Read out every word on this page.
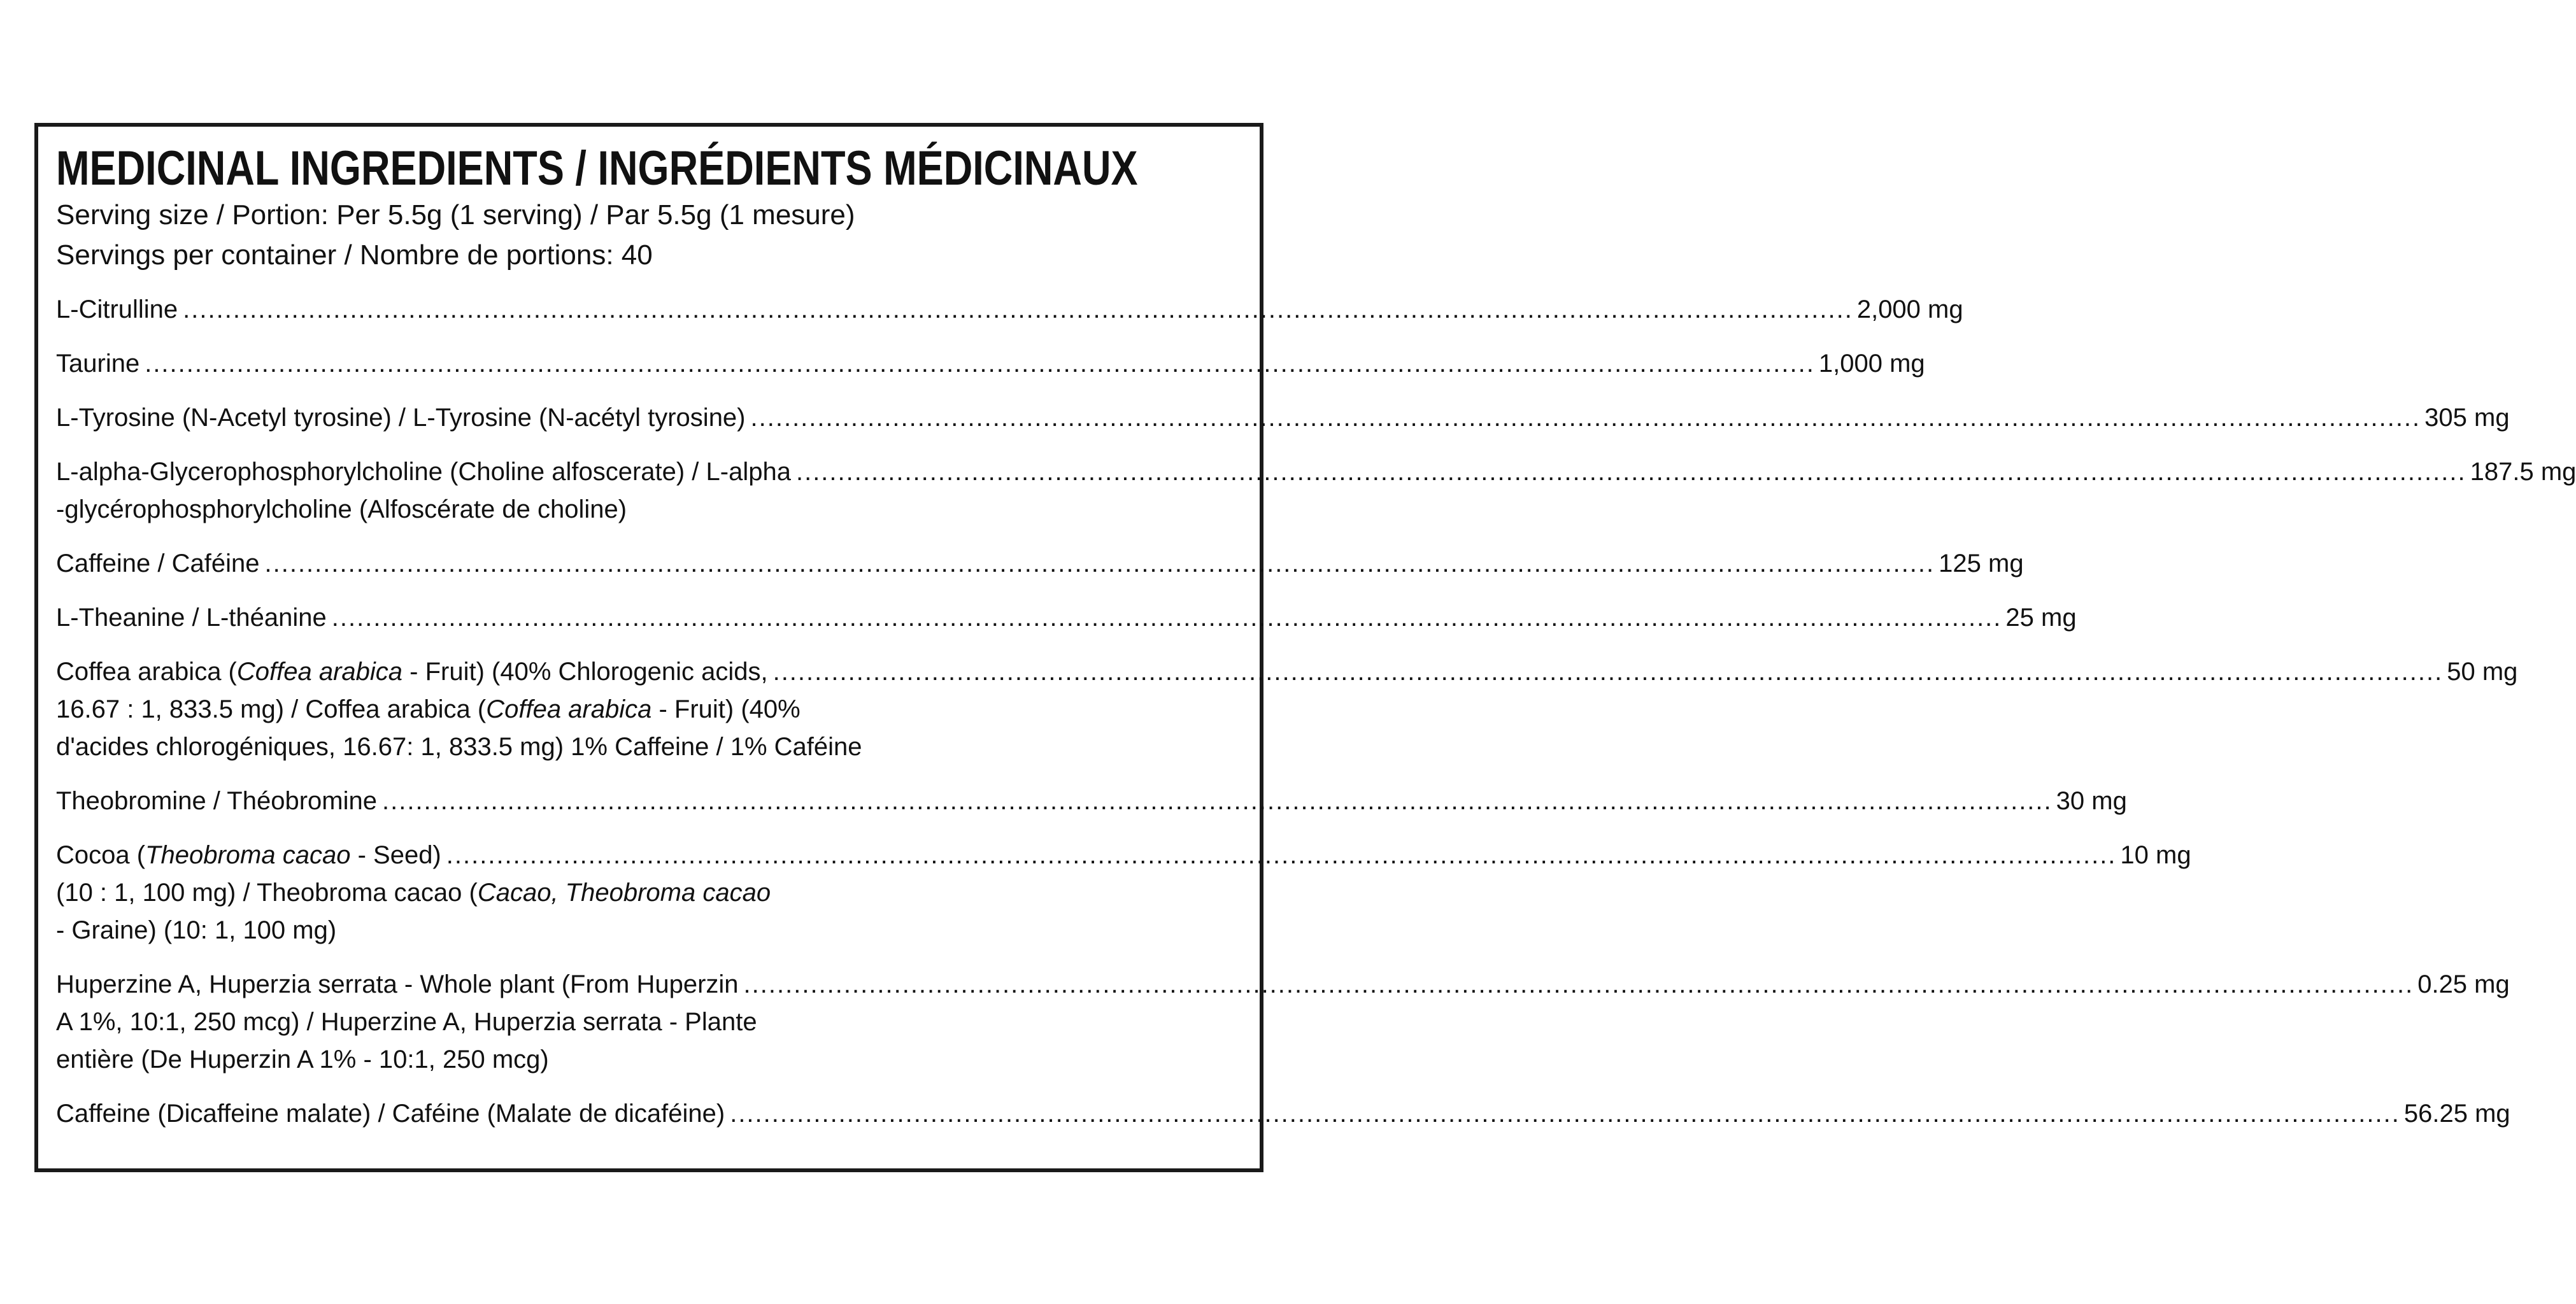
MEDICINAL INGREDIENTS / INGRÉDIENTS MÉDICINAUX
Serving size / Portion: Per 5.5g (1 serving) / Par 5.5g (1 mesure)
Servings per container / Nombre de portions: 40
L-Citrulline ........................................................................................................................................................................................................ 2,000 mg
Taurine ........................................................................................................................................................................................................ 1,000 mg
L-Tyrosine (N-Acetyl tyrosine) / L-Tyrosine (N-acétyl tyrosine) ........................................................................................................................................................................................................ 305 mg
L-alpha-Glycerophosphorylcholine (Choline alfoscerate) / L-alpha ........................................................................................................................................................................................................ 187.5 mg
-glycérophosphorylcholine (Alfoscérate de choline)
Caffeine / Caféine ........................................................................................................................................................................................................ 125 mg
L-Theanine / L-théanine ........................................................................................................................................................................................................ 25 mg
Coffea arabica (Coffea arabica - Fruit) (40% Chlorogenic acids, ........................................................................................................................................................................................................ 50 mg
16.67 : 1, 833.5 mg) / Coffea arabica (Coffea arabica - Fruit) (40%
d'acides chlorogéniques, 16.67: 1, 833.5 mg) 1% Caffeine / 1% Caféine
Theobromine / Théobromine ........................................................................................................................................................................................................ 30 mg
Cocoa (Theobroma cacao - Seed) ........................................................................................................................................................................................................ 10 mg
(10 : 1, 100 mg) / Theobroma cacao (Cacao, Theobroma cacao
- Graine) (10: 1, 100 mg)
Huperzine A, Huperzia serrata - Whole plant (From Huperzin ........................................................................................................................................................................................................ 0.25 mg
A 1%, 10:1, 250 mcg) / Huperzine A, Huperzia serrata - Plante
entière (De Huperzin A 1% - 10:1, 250 mcg)
Caffeine (Dicaffeine malate) / Caféine (Malate de dicaféine) ........................................................................................................................................................................................................ 56.25 mg
